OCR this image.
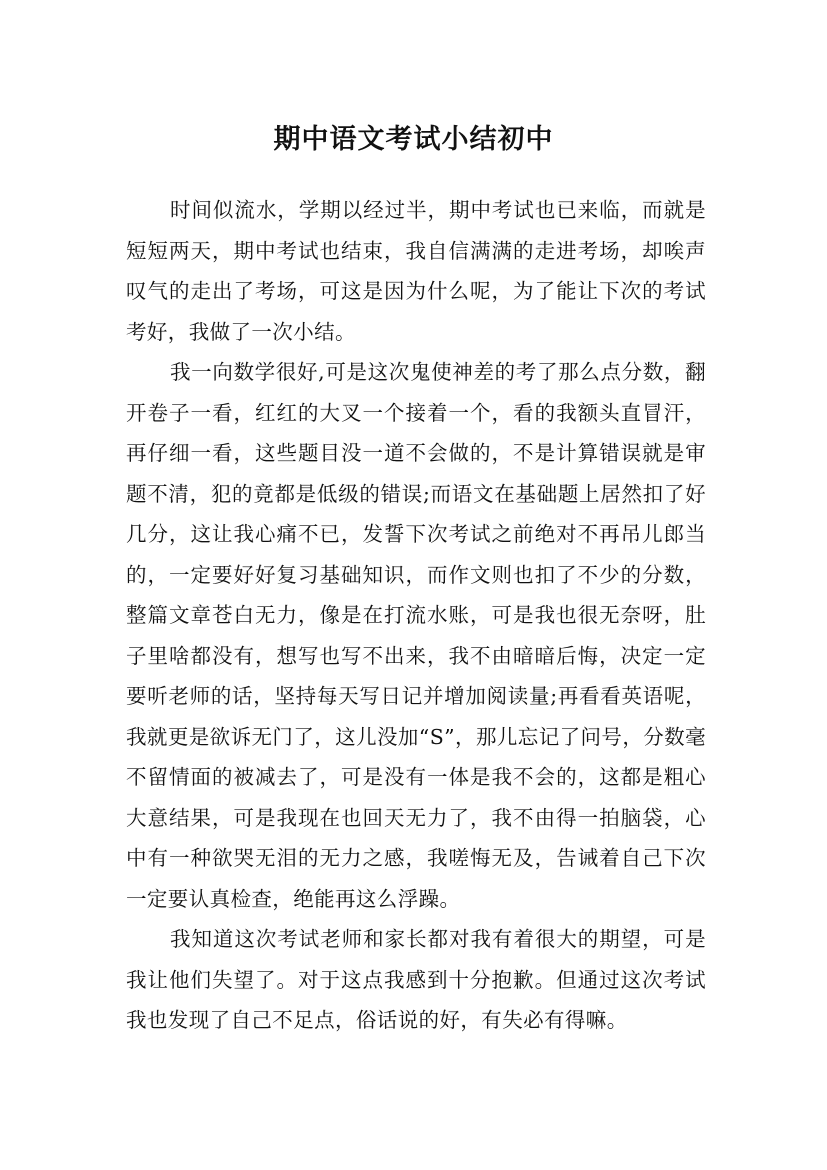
期中语文考试小结初中

时间似流水，学期以经过半，期中考试也已来临，而就是短短两天，期中考试也结束，我自信满满的走进考场，却唉声叹气的走出了考场，可这是因为什么呢，为了能让下次的考试考好，我做了一次小结。

我一向数学很好,可是这次鬼使神差的考了那么点分数，翻开卷子一看，红红的大叉一个接着一个，看的我额头直冒汗，再仔细一看，这些题目没一道不会做的，不是计算错误就是审题不清，犯的竟都是低级的错误;而语文在基础题上居然扣了好几分，这让我心痛不已，发誓下次考试之前绝对不再吊儿郎当的，一定要好好复习基础知识，而作文则也扣了不少的分数，整篇文章苍白无力，像是在打流水账，可是我也很无奈呀，肚子里啥都没有，想写也写不出来，我不由暗暗后悔，决定一定要听老师的话，坚持每天写日记并增加阅读量;再看看英语呢，我就更是欲诉无门了，这儿没加“S”，那儿忘记了问号，分数毫不留情面的被减去了，可是没有一体是我不会的，这都是粗心大意结果，可是我现在也回天无力了，我不由得一拍脑袋，心中有一种欲哭无泪的无力之感，我嗟悔无及，告诫着自己下次一定要认真检查，绝能再这么浮躁。

我知道这次考试老师和家长都对我有着很大的期望，可是我让他们失望了。对于这点我感到十分抱歉。但通过这次考试我也发现了自己不足点，俗话说的好，有失必有得嘛。
